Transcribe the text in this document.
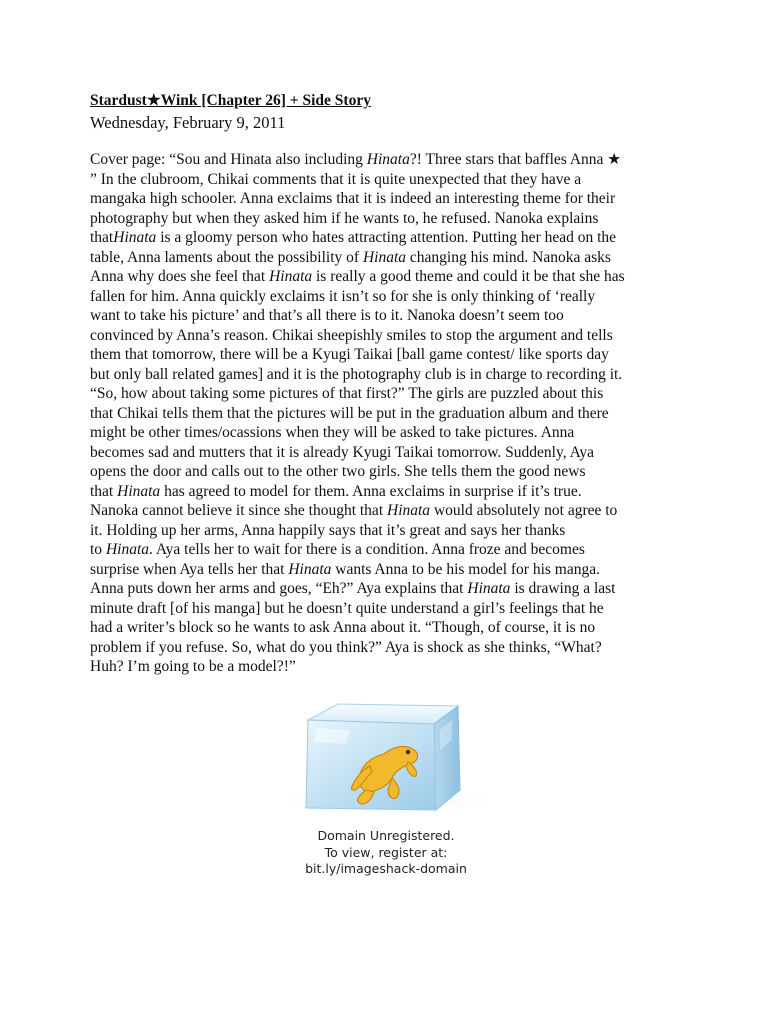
Stardust★Wink [Chapter 26] + Side Story
Wednesday, February 9, 2011
Cover page: “Sou and Hinata also including Hinata?! Three stars that baffles Anna ★
” In the clubroom, Chikai comments that it is quite unexpected that they have a
mangaka high schooler. Anna exclaims that it is indeed an interesting theme for their
photography but when they asked him if he wants to, he refused. Nanoka explains
thatHinata is a gloomy person who hates attracting attention. Putting her head on the
table, Anna laments about the possibility of Hinata changing his mind. Nanoka asks
Anna why does she feel that Hinata is really a good theme and could it be that she has
fallen for him. Anna quickly exclaims it isn’t so for she is only thinking of ‘really
want to take his picture’ and that’s all there is to it. Nanoka doesn’t seem too
convinced by Anna’s reason. Chikai sheepishly smiles to stop the argument and tells
them that tomorrow, there will be a Kyugi Taikai [ball game contest/ like sports day
but only ball related games] and it is the photography club is in charge to recording it.
“So, how about taking some pictures of that first?” The girls are puzzled about this
that Chikai tells them that the pictures will be put in the graduation album and there
might be other times/ocassions when they will be asked to take pictures. Anna
becomes sad and mutters that it is already Kyugi Taikai tomorrow. Suddenly, Aya
opens the door and calls out to the other two girls. She tells them the good news
that Hinata has agreed to model for them. Anna exclaims in surprise if it’s true.
Nanoka cannot believe it since she thought that Hinata would absolutely not agree to
it. Holding up her arms, Anna happily says that it’s great and says her thanks
to Hinata. Aya tells her to wait for there is a condition. Anna froze and becomes
surprise when Aya tells her that Hinata wants Anna to be his model for his manga.
Anna puts down her arms and goes, “Eh?” Aya explains that Hinata is drawing a last
minute draft [of his manga] but he doesn’t quite understand a girl’s feelings that he
had a writer’s block so he wants to ask Anna about it. “Though, of course, it is no
problem if you refuse. So, what do you think?” Aya is shock as she thinks, “What?
Huh? I’m going to be a model?!”
Domain Unregistered.
To view, register at:
bit.ly/imageshack-domain
